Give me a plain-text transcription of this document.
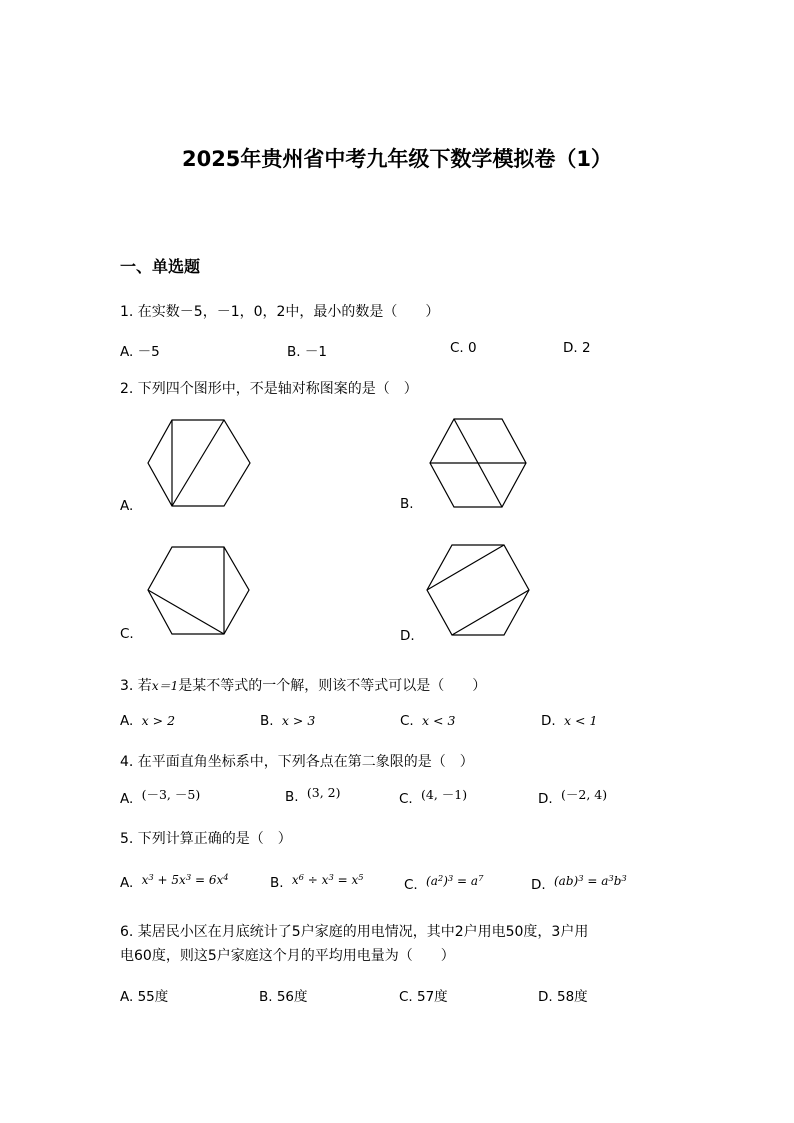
2025年贵州省中考九年级下数学模拟卷（1）
一、单选题
1. 在实数－5，－1，0，2中，最小的数是（　　）
A. －5	B. －1	C. 0	D. 2
2. 下列四个图形中，不是轴对称图案的是（　）
A.	B.
C.	D.
3. 若x＝1是某不等式的一个解，则该不等式可以是（　　）
A. x > 2	B. x > 3	C. x < 3	D. x < 1
4. 在平面直角坐标系中，下列各点在第二象限的是（　）
A. (－3, －5)	B. (3, 2)	C. (4, －1)	D. (－2, 4)
5. 下列计算正确的是（　）
A. $x^3 + 5x^3 = 6x^4$	B. $x^6 \div x^3 = x^5$	C. $(a^2)^3 = a^7$	D. $(ab)^3 = a^3b^3$
6. 某居民小区在月底统计了5户家庭的用电情况，其中2户用电50度，3户用
电60度，则这5户家庭这个月的平均用电量为（　　）
A. 55度	B. 56度	C. 57度	D. 58度
